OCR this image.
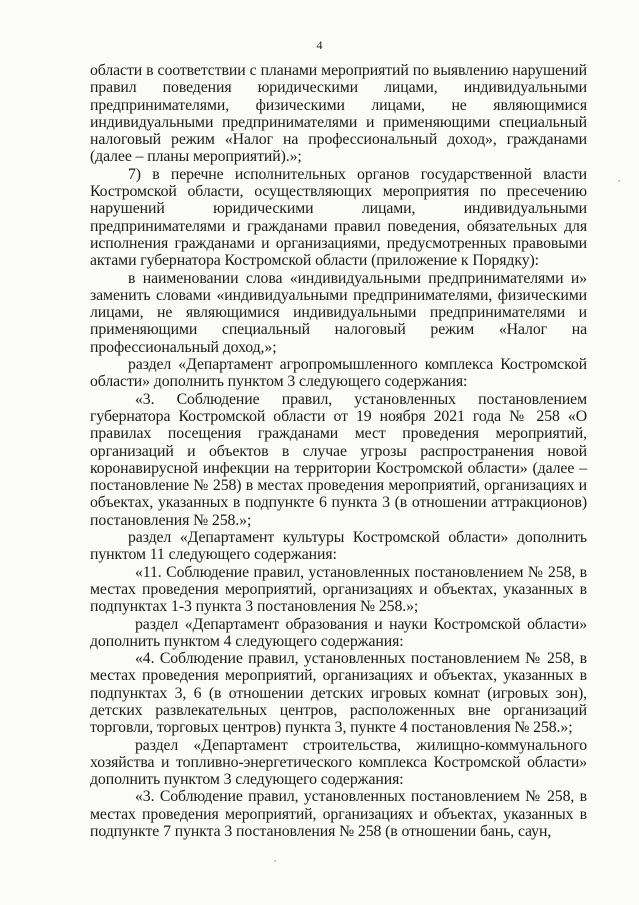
4
области в соответствии с планами мероприятий по выявлению нарушений правил поведения юридическими лицами, индивидуальными предпринимателями, физическими лицами, не являющимися индивидуальными предпринимателями и применяющими специальный налоговый режим «Налог на профессиональный доход», гражданами (далее – планы мероприятий).»;
7) в перечне исполнительных органов государственной власти Костромской области, осуществляющих мероприятия по пресечению нарушений юридическими лицами, индивидуальными предпринимателями и гражданами правил поведения, обязательных для исполнения гражданами и организациями, предусмотренных правовыми актами губернатора Костромской области (приложение к Порядку):
в наименовании слова «индивидуальными предпринимателями и» заменить словами «индивидуальными предпринимателями, физическими лицами, не являющимися индивидуальными предпринимателями и применяющими специальный налоговый режим «Налог на профессиональный доход,»;
раздел «Департамент агропромышленного комплекса Костромской области» дополнить пунктом 3 следующего содержания:
«3. Соблюдение правил, установленных постановлением губернатора Костромской области от 19 ноября 2021 года № 258 «О правилах посещения гражданами мест проведения мероприятий, организаций и объектов в случае угрозы распространения новой коронавирусной инфекции на территории Костромской области» (далее – постановление № 258) в местах проведения мероприятий, организациях и объектах, указанных в подпункте 6 пункта 3 (в отношении аттракционов) постановления № 258.»;
раздел «Департамент культуры Костромской области» дополнить пунктом 11 следующего содержания:
«11. Соблюдение правил, установленных постановлением № 258, в местах проведения мероприятий, организациях и объектах, указанных в подпунктах 1-3 пункта 3 постановления № 258.»;
раздел «Департамент образования и науки Костромской области» дополнить пунктом 4 следующего содержания:
«4. Соблюдение правил, установленных постановлением № 258, в местах проведения мероприятий, организациях и объектах, указанных в подпунктах 3, 6 (в отношении детских игровых комнат (игровых зон), детских развлекательных центров, расположенных вне организаций торговли, торговых центров) пункта 3, пункте 4 постановления № 258.»;
раздел «Департамент строительства, жилищно-коммунального хозяйства и топливно-энергетического комплекса Костромской области» дополнить пунктом 3 следующего содержания:
«3. Соблюдение правил, установленных постановлением № 258, в местах проведения мероприятий, организациях и объектах, указанных в подпункте 7 пункта 3 постановления № 258 (в отношении бань, саун,
